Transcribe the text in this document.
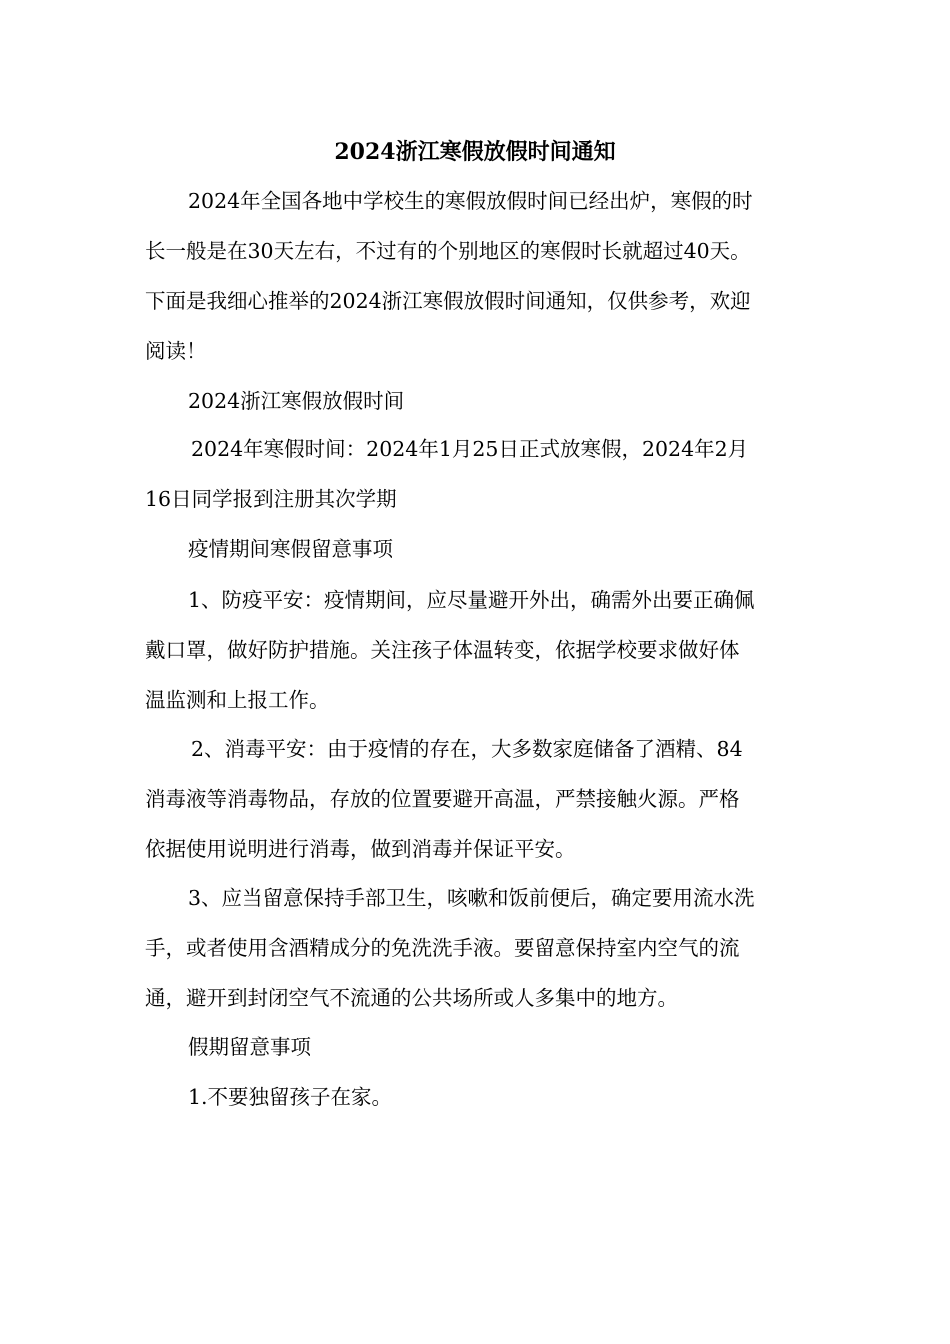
2024浙江寒假放假时间通知
2024年全国各地中学校生的寒假放假时间已经出炉，寒假的时
长一般是在30天左右，不过有的个别地区的寒假时长就超过40天。
下面是我细心推举的2024浙江寒假放假时间通知，仅供参考，欢迎
阅读！
2024浙江寒假放假时间
2024年寒假时间：2024年1月25日正式放寒假，2024年2月
16日同学报到注册其次学期
疫情期间寒假留意事项
1、防疫平安：疫情期间，应尽量避开外出，确需外出要正确佩
戴口罩，做好防护措施。关注孩子体温转变，依据学校要求做好体
温监测和上报工作。
2、消毒平安：由于疫情的存在，大多数家庭储备了酒精、84
消毒液等消毒物品，存放的位置要避开高温，严禁接触火源。严格
依据使用说明进行消毒，做到消毒并保证平安。
3、应当留意保持手部卫生，咳嗽和饭前便后，确定要用流水洗
手，或者使用含酒精成分的免洗洗手液。要留意保持室内空气的流
通，避开到封闭空气不流通的公共场所或人多集中的地方。
假期留意事项
1.不要独留孩子在家。
